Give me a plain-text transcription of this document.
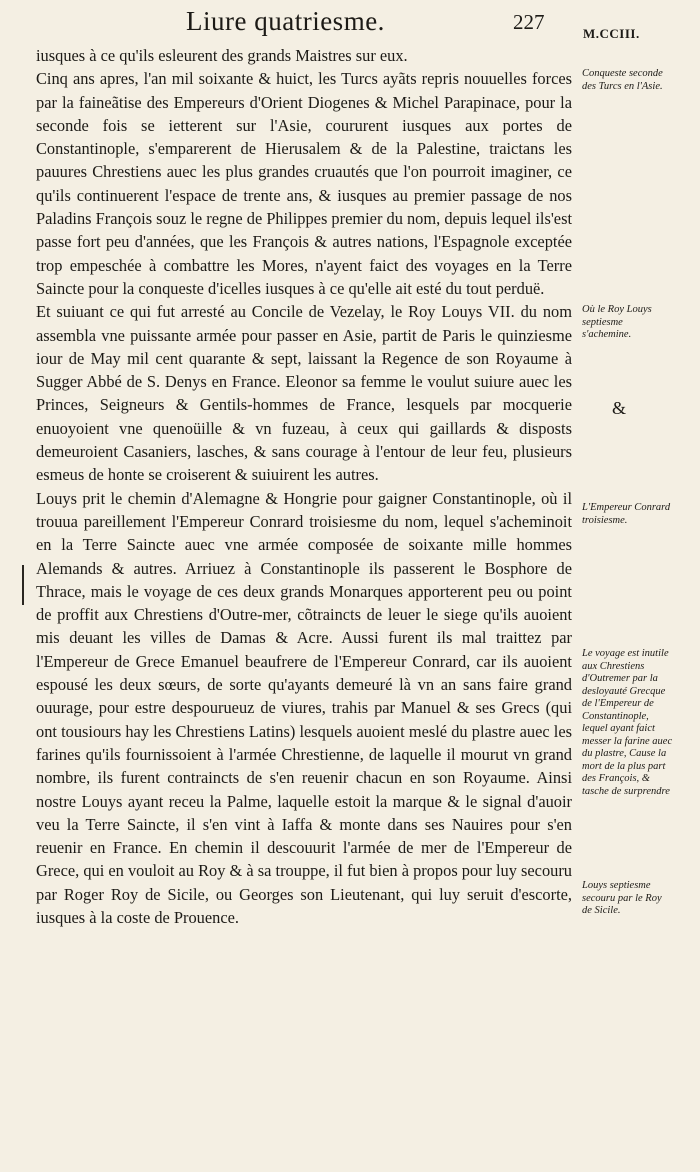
Liure quatriesme.	227	M.CCIII.

iusques à ce qu'ils esleurent des grands Maistres sur eux.

Cinq ans apres, l'an mil soixante & huict, les Turcs ayãts repris nouuelles forces par la faineãtise des Empereurs d'Orient Diogenes & Michel Parapinace, pour la seconde fois se ietterent sur l'Asie, coururent iusques aux portes de Constantinople, s'emparerent de Hierusalem & de la Palestine, traictans les pauures Chrestiens auec les plus grandes cruautés que l'on pourroit imaginer, ce qu'ils continuerent l'espace de trente ans, & iusques au premier passage de nos Paladins François souz le regne de Philippes premier du nom, depuis lequel ils'est passe fort peu d'années, que les François & autres nations, l'Espagnole exceptée trop empeschée à combattre les Mores, n'ayent faict des voyages en la Terre Saincte pour la conqueste d'icelles iusques à ce qu'elle ait esté du tout perduë.

Et suiuant ce qui fut arresté au Concile de Vezelay, le Roy Louys VII. du nom assembla vne puissante armée pour passer en Asie, partit de Paris le quinziesme iour de May mil cent quarante & sept, laissant la Regence de son Royaume à Sugger Abbé de S. Denys en France. Eleonor sa femme le voulut suiure auec les Princes, Seigneurs & Gentils-hommes de France, lesquels par mocquerie enuoyoient vne quenoüille & vn fuzeau, à ceux qui gaillards & disposts demeuroient Casaniers, lasches, & sans courage à l'entour de leur feu, plusieurs esmeus de honte se croiserent & suiuirent les autres.

Louys prit le chemin d'Alemagne & Hongrie pour gaigner Constantinople, où il trouua pareillement l'Empereur Conrard troisiesme du nom, lequel s'acheminoit en la Terre Saincte auec vne armée composée de soixante mille hommes Alemands & autres. Arriuez à Constantinople ils passerent le Bosphore de Thrace, mais le voyage de ces deux grands Monarques apporterent peu ou point de proffit aux Chrestiens d'Outre-mer, cõtraincts de leuer le siege qu'ils auoient mis deuant les villes de Damas & Acre. Aussi furent ils mal traittez par l'Empereur de Grece Emanuel beaufrere de l'Empereur Conrard, car ils auoient espousé les deux sœurs, de sorte qu'ayants demeuré là vn an sans faire grand ouurage, pour estre despourueuz de viures, trahis par Manuel & ses Grecs (qui ont tousiours hay les Chrestiens Latins) lesquels auoient meslé du plastre auec les farines qu'ils fournissoient à l'armée Chrestienne, de laquelle il mourut vn grand nombre, ils furent contraincts de s'en reuenir chacun en son Royaume. Ainsi nostre Louys ayant receu la Palme, laquelle estoit la marque & le signal d'auoir veu la Terre Saincte, il s'en vint à Iaffa & monte dans ses Nauires pour s'en reuenir en France. En chemin il descouurit l'armée de mer de l'Empereur de Grece, qui en vouloit au Roy & à sa trouppe, il fut bien à propos pour luy secouru par Roger Roy de Sicile, ou Georges son Lieutenant, qui luy seruit d'escorte, iusques à la coste de Prouence.

Conqueste seconde des Turcs en l'Asie.
Où le Roy Louys septiesme s'achemine.
&
L'Empereur Conrard troisiesme.
Le voyage est inutile aux Chrestiens d'Outremer par la desloyauté Grecque de l'Empereur de Constantinople, lequel ayant faict messer la farine auec du plastre, Cause la mort de la plus part des François, & tasche de surprendre
Louys septiesme secouru par le Roy de Sicile.
